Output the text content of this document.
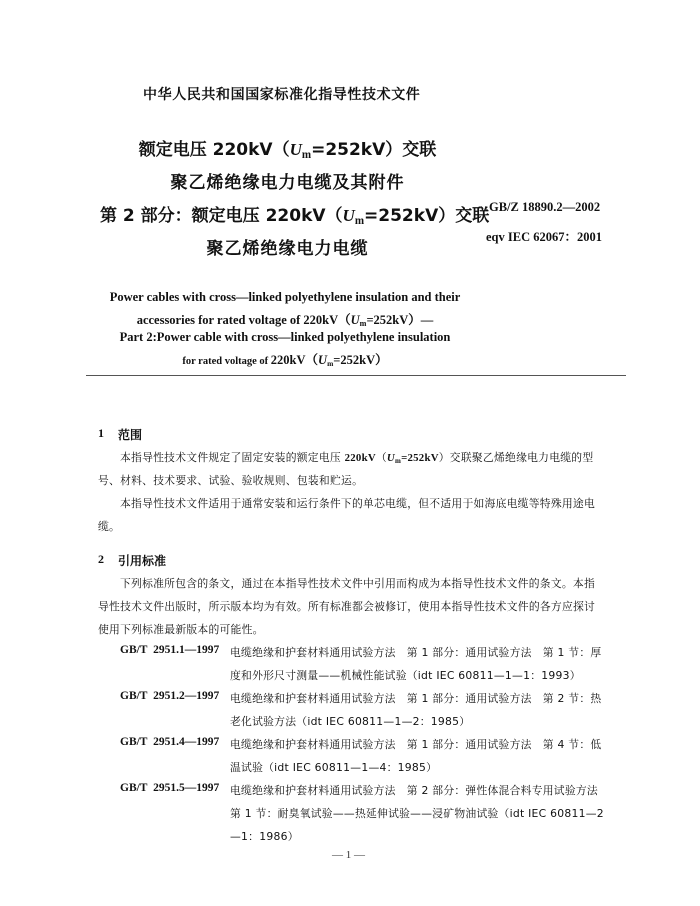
中华人民共和国国家标准化指导性技术文件
额定电压 $220kV(U_m=252kV)$交联
聚乙烯绝缘电力电缆及其附件
第 2 部分：额定电压 $220kV(U_m=252kV)$交联
聚乙烯绝缘电力电缆
GB/Z 18890.2—2002
eqv IEC 62067：2001
Power cables with cross—linked polyethylene insulation and their
accessories for rated voltage of $220kV(U_m=252kV)—$
Part 2:Power cable with cross—linked polyethylene insulation
for rated voltage of $220kV(U_m=252kV)$
1 范围
本指导性技术文件规定了固定安装的额定电压 $220kV(U_m=252kV)$交联聚乙烯绝缘电力电缆的型
号、材料、技术要求、试验、验收规则、包装和贮运。
本指导性技术文件适用于通常安装和运行条件下的单芯电缆，但不适用于如海底电缆等特殊用途电
缆。
2 引用标准
下列标准所包含的条文，通过在本指导性技术文件中引用而构成为本指导性技术文件的条文。本指
导性技术文件出版时，所示版本均为有效。所有标准都会被修订，使用本指导性技术文件的各方应探讨
使用下列标准最新版本的可能性。
GB/T 2951.1—1997 电缆绝缘和护套材料通用试验方法　第 1 部分：通用试验方法　第 1 节：厚
度和外形尺寸测量——机械性能试验（idt IEC 60811—1—1：1993）
GB/T 2951.2—1997 电缆绝缘和护套材料通用试验方法　第 1 部分：通用试验方法　第 2 节：热
老化试验方法（idt IEC 60811—1—2：1985）
GB/T 2951.4—1997 电缆绝缘和护套材料通用试验方法　第 1 部分：通用试验方法　第 4 节：低
温试验（idt IEC 60811—1—4：1985）
GB/T 2951.5—1997 电缆绝缘和护套材料通用试验方法　第 2 部分：弹性体混合料专用试验方法
第 1 节：耐臭氧试验——热延伸试验——浸矿物油试验（idt IEC 60811—2
—1：1986）
— 1 —
